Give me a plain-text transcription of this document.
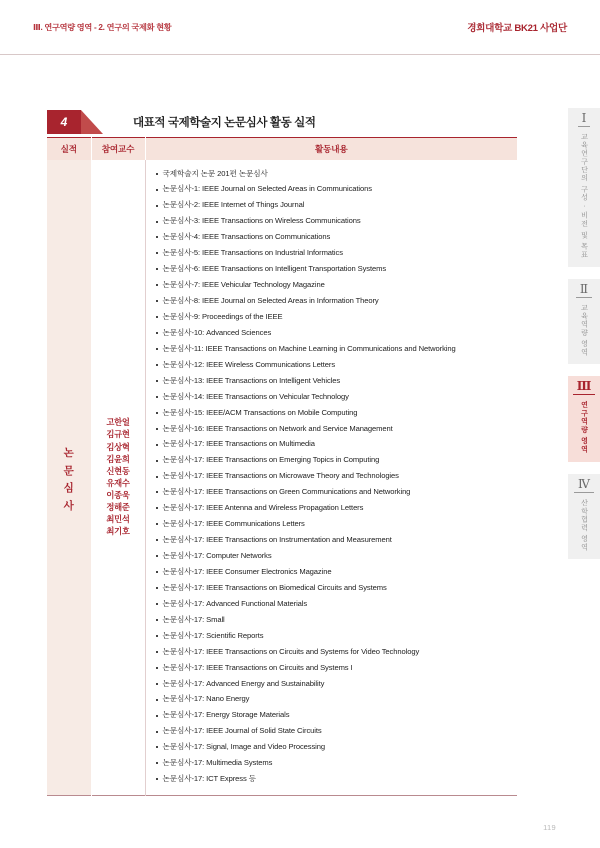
Ⅲ. 연구역량 영역 - 2. 연구의 국제화 현황	경희대학교 BK21 사업단
4	대표적 국제학술지 논문심사 활동 실적
실적	참여교수	활동내용

논
문
심
사

고한얼
김규현
김상혁
김윤희
신현동
유재수
이종욱
정해준
최민석
최기호

국제학술지 논문 201편 논문심사
논문심사-1: IEEE Journal on Selected Areas in Communications
논문심사-2: IEEE Internet of Things Journal
논문심사-3: IEEE Transactions on Wireless Communications
논문심사-4: IEEE Transactions on Communications
논문심사-5: IEEE Transactions on Industrial Informatics
논문심사-6: IEEE Transactions on Intelligent Transportation Systems
논문심사-7: IEEE Vehicular Technology Magazine
논문심사-8: IEEE Journal on Selected Areas in Information Theory
논문심사-9: Proceedings of the IEEE
논문심사-10: Advanced Sciences
논문심사-11: IEEE Transactions on Machine Learning in Communications and Networking
논문심사-12: IEEE Wireless Communications Letters
논문심사-13: IEEE Transactions on Intelligent Vehicles
논문심사-14: IEEE Transactions on Vehicular Technology
논문심사-15: IEEE/ACM Transactions on Mobile Computing
논문심사-16: IEEE Transactions on Network and Service Management
논문심사-17: IEEE Transactions on Multimedia
논문심사-17: IEEE Transactions on Emerging Topics in Computing
논문심사-17: IEEE Transactions on Microwave Theory and Technologies
논문심사-17: IEEE Transactions on Green Communications and Networking
논문심사-17: IEEE Antenna and Wireless Propagation Letters
논문심사-17: IEEE Communications Letters
논문심사-17: IEEE Transactions on Instrumentation and Measurement
논문심사-17: Computer Networks
논문심사-17: IEEE Consumer Electronics Magazine
논문심사-17: IEEE Transactions on Biomedical Circuits and Systems
논문심사-17: Advanced Functional Materials
논문심사-17: Small
논문심사-17: Scientific Reports
논문심사-17: IEEE Transactions on Circuits and Systems for Video Technology
논문심사-17: IEEE Transactions on Circuits and Systems I
논문심사-17: Advanced Energy and Sustainability
논문심사-17: Nano Energy
논문심사-17: Energy Storage Materials
논문심사-17: IEEE Journal of Solid State Circuits
논문심사-17: Signal, Image and Video Processing
논문심사-17: Multimedia Systems
논문심사-17: ICT Express 등
Ⅰ
교육연구단의 구성 · 비전 및 목표
Ⅱ
교육역량 영역
Ⅲ
연구역량 영역
Ⅳ
산학협력 영역
119
